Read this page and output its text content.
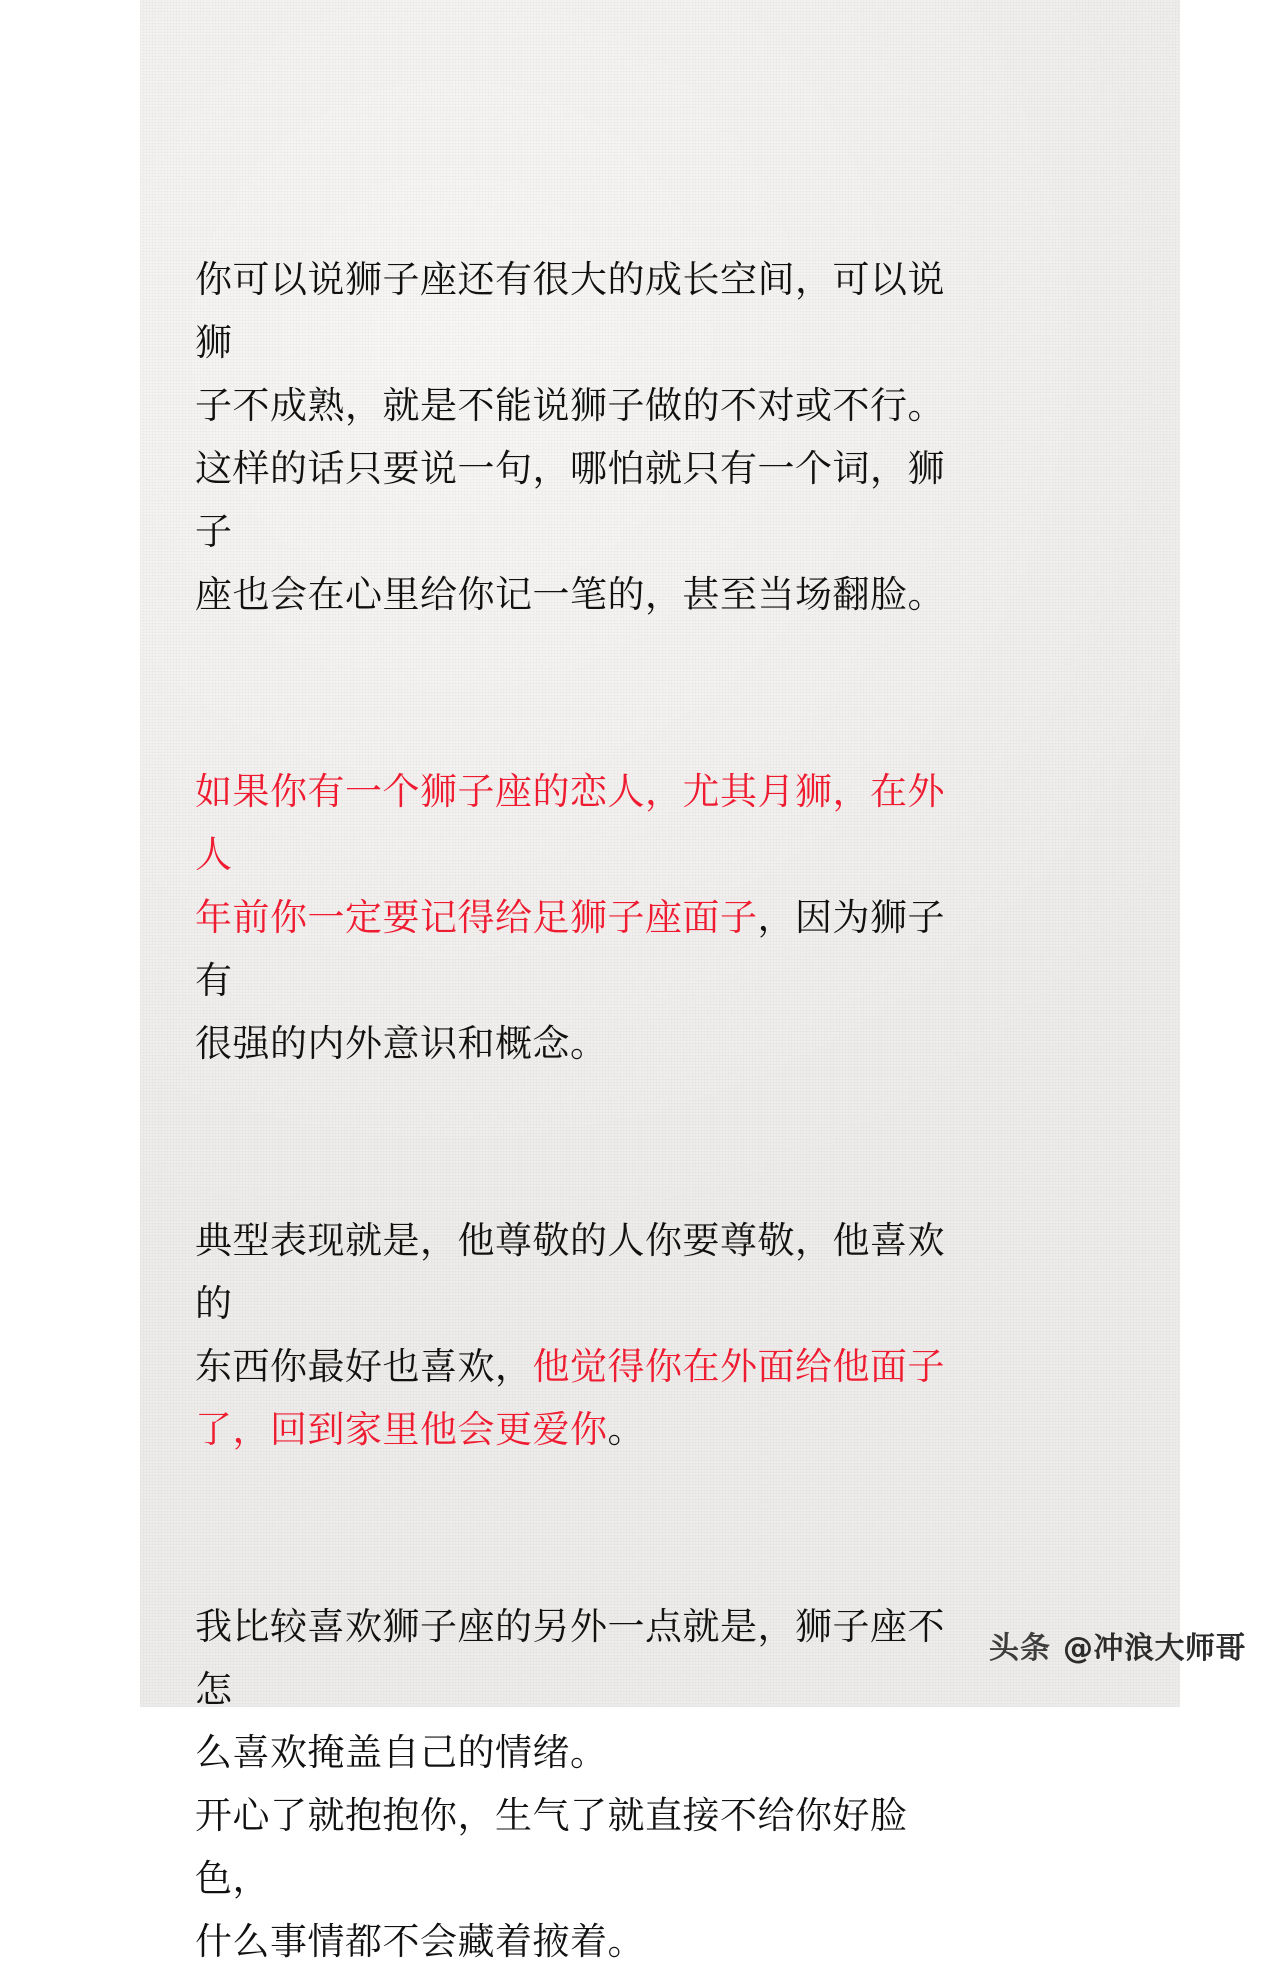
你可以说狮子座还有很大的成长空间，可以说狮
子不成熟，就是不能说狮子做的不对或不行。
这样的话只要说一句，哪怕就只有一个词，狮子
座也会在心里给你记一笔的，甚至当场翻脸。

如果你有一个狮子座的恋人，尤其月狮，在外人
年前你一定要记得给足狮子座面子，因为狮子有
很强的内外意识和概念。

典型表现就是，他尊敬的人你要尊敬，他喜欢的
东西你最好也喜欢，他觉得你在外面给他面子
了，回到家里他会更爱你。

我比较喜欢狮子座的另外一点就是，狮子座不怎
么喜欢掩盖自己的情绪。
开心了就抱抱你，生气了就直接不给你好脸色，
什么事情都不会藏着掖着。

头条 @冲浪大师哥
